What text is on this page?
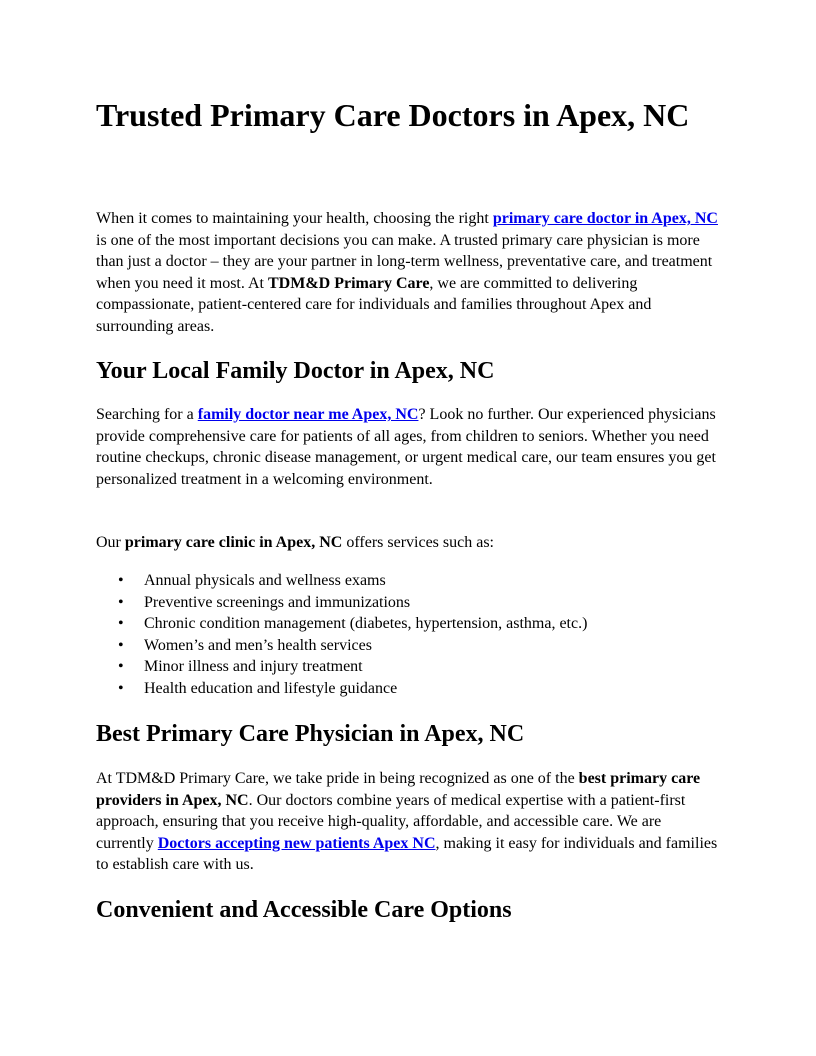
Trusted Primary Care Doctors in Apex, NC

When it comes to maintaining your health, choosing the right primary care doctor in Apex, NC is one of the most important decisions you can make. A trusted primary care physician is more than just a doctor – they are your partner in long-term wellness, preventative care, and treatment when you need it most. At TDM&D Primary Care, we are committed to delivering compassionate, patient-centered care for individuals and families throughout Apex and surrounding areas.

Your Local Family Doctor in Apex, NC

Searching for a family doctor near me Apex, NC? Look no further. Our experienced physicians provide comprehensive care for patients of all ages, from children to seniors. Whether you need routine checkups, chronic disease management, or urgent medical care, our team ensures you get personalized treatment in a welcoming environment.

Our primary care clinic in Apex, NC offers services such as:

• Annual physicals and wellness exams
• Preventive screenings and immunizations
• Chronic condition management (diabetes, hypertension, asthma, etc.)
• Women’s and men’s health services
• Minor illness and injury treatment
• Health education and lifestyle guidance
Best Primary Care Physician in Apex, NC

At TDM&D Primary Care, we take pride in being recognized as one of the best primary care providers in Apex, NC. Our doctors combine years of medical expertise with a patient-first approach, ensuring that you receive high-quality, affordable, and accessible care. We are currently Doctors accepting new patients Apex NC, making it easy for individuals and families to establish care with us.

Convenient and Accessible Care Options
